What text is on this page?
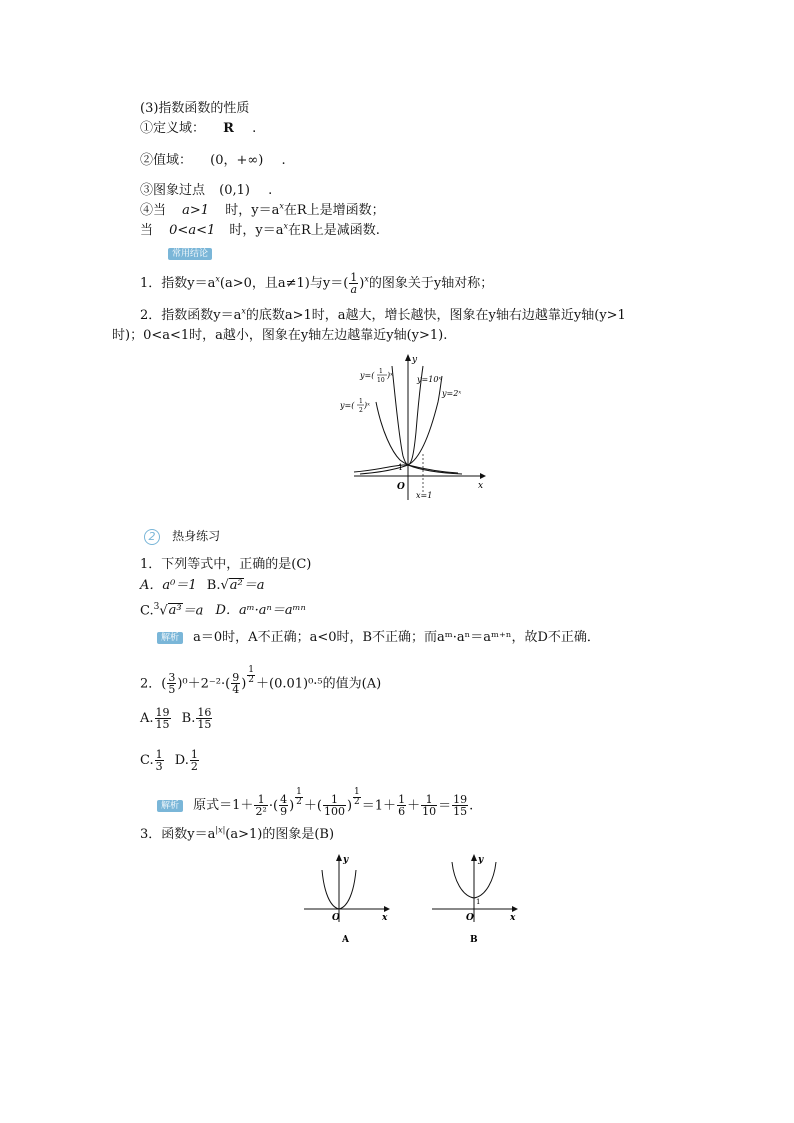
(3)指数函数的性质
①定义域： R .
②值域： (0，+∞) .
③图象过点 (0,1) .
④当 a>1 时，$y=a^x$在R上是增函数；
当 0<a<1 时，$y=a^x$在R上是减函数.
常用结论
1．指数$y=a^x(a>0$，且a≠1)与$y=( \frac{1}{a} )^x$的图象关于y轴对称；
2．指数函数$y=a^x$的底数a>1时，a越大，增长越快，图象在y轴右边越靠近y轴(y>1
时)；0<a<1时，a越小，图象在y轴左边越靠近y轴(y>1).
y
x
O
1
x=1
y=( 1
10
)ˣ	y=10ˣ
y=( 1
2
)ˣ
y=2ˣ
2 热身练习
1．下列等式中，正确的是(C)
A．a⁰＝1 B.√a²＝a
C.$^3$√a³＝a D．aᵐ·aⁿ＝aᵐⁿ
解析 a＝0时，A不正确；a<0时，B不正确；而aᵐ·aⁿ＝aᵐ⁺ⁿ，故D不正确．
2．( $\frac{3}{5} )^0+2^{-2}\cdot( \frac{9}{4}$ ) $\frac{1}{2} +(0.01)^0\cdot^5$的值为(A)
A. $\frac{19}{15} B$. $\frac{16}{15}$
C. $\frac{1}{3} D$. $\frac{1}{2}$
解析 原式$=1+ \frac{1}{\text{2²}}$ ·( $\frac{4}{9}$ ) $\frac{1}{2}$ ＋( $\frac{1}{100}$ ) $\frac{1}{2} =1+ \frac{1}{6} + \frac{1}{10} = \frac{19}{15}$ .
3．函数$y=a^{|x|}(a>1)$的图象是(B)
y
x
O
A
y
x
O
1
B
